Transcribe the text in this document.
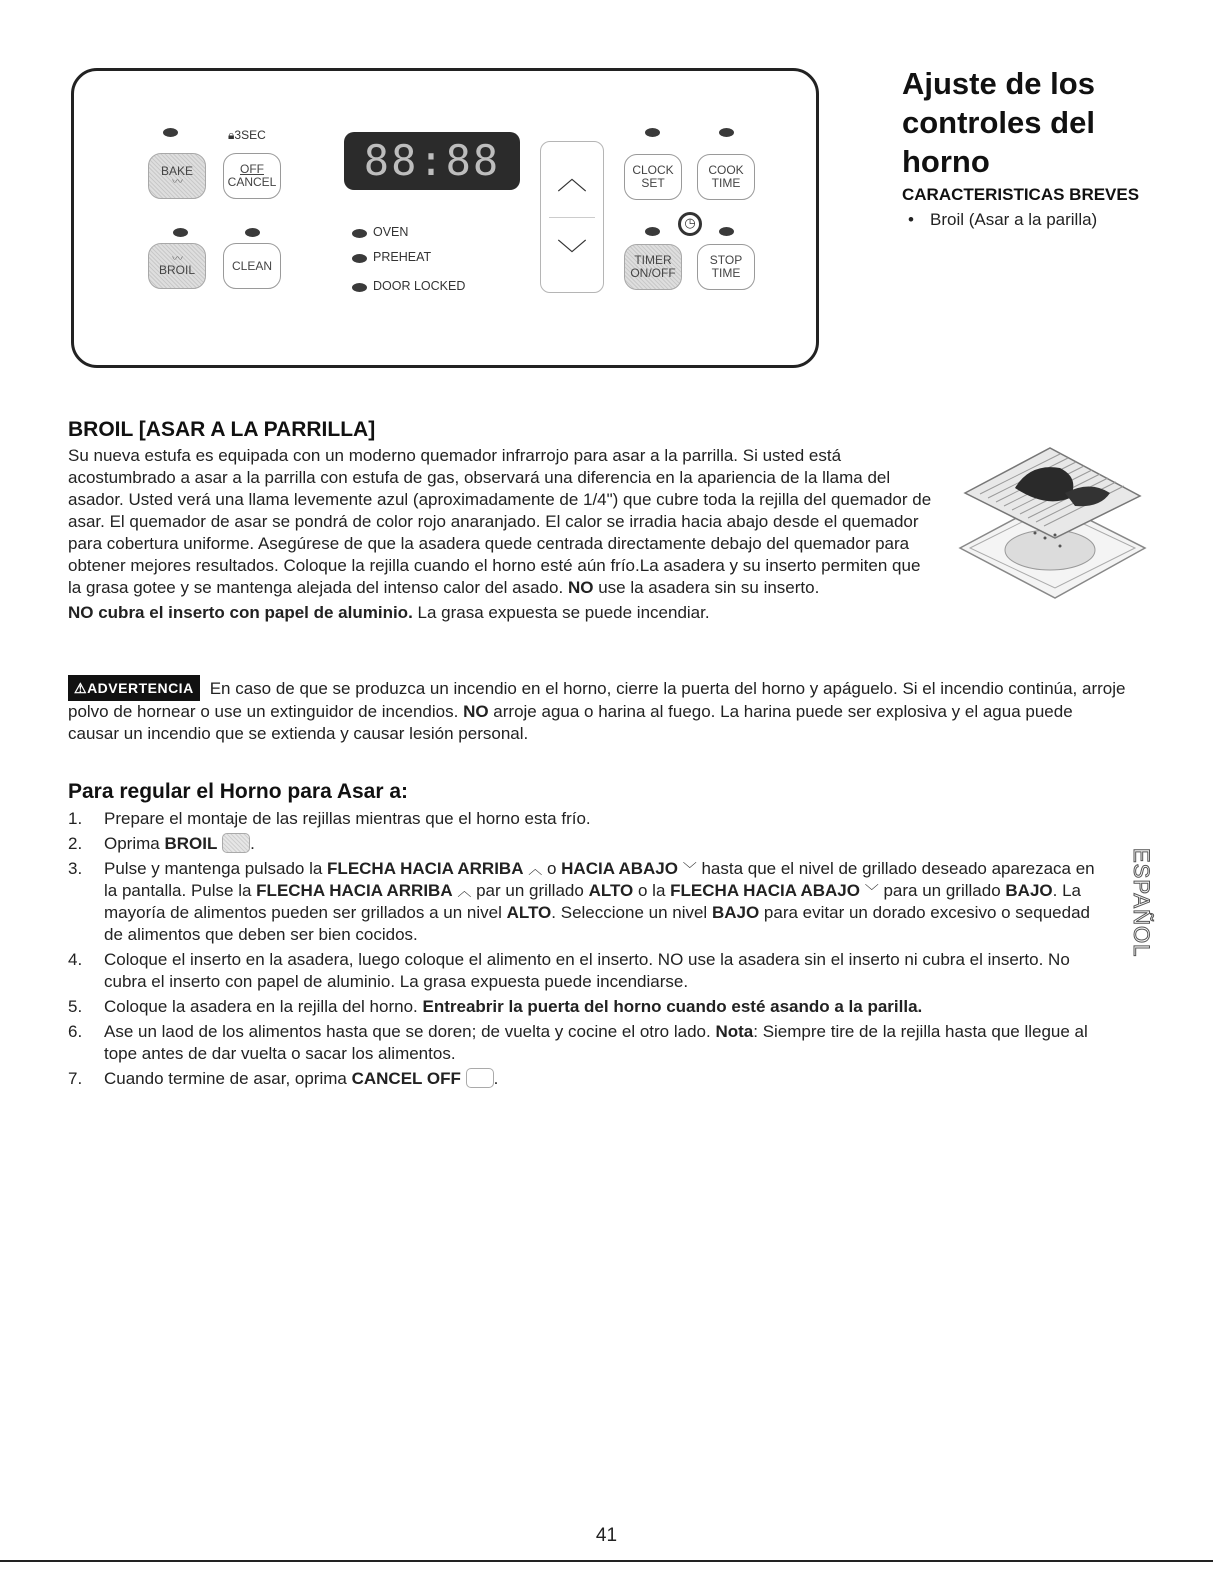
🔒︎3SEC
BAKE
〰
OFF
CANCEL
〰
BROIL	CLEAN
88:88
OVEN
PREHEAT
DOOR LOCKED
︿
﹀
CLOCK
SET
COOK
TIME
◷
TIMER
ON/OFF
STOP
TIME
Ajuste de los
controles del
horno
CARACTERISTICAS BREVES
• Broil (Asar a la parilla)
BROIL [ASAR A LA PARRILLA]
Su nueva estufa es equipada con un moderno quemador infrarrojo para asar a la parrilla. Si usted está acostumbrado a asar a la parrilla con estufa de gas, observará una diferencia en la apariencia de la llama del asador. Usted verá una llama levemente azul (aproximadamente de 1/4") que cubre toda la rejilla del quemador de asar. El quemador de asar se pondrá de color rojo anaranjado. El calor se irradia hacia abajo desde el quemador para cobertura uniforme. Asegúrese de que la asadera quede centrada directamente debajo del quemador para obtener mejores resultados. Coloque la rejilla cuando el horno esté aún frío.La asadera y su inserto permiten que la grasa gotee y se mantenga alejada del intenso calor del asado. NO use la asadera sin su inserto.
NO cubra el inserto con papel de aluminio. La grasa expuesta se puede incendiar.
⚠ADVERTENCIA En caso de que se produzca un incendio en el horno, cierre la puerta del horno y apáguelo. Si el incendio continúa, arroje polvo de hornear o use un extinguidor de incendios. NO arroje agua o harina al fuego. La harina puede ser explosiva y el agua puede causar un incendio que se extienda y causar lesión personal.
Para regular el Horno para Asar a:
1. Prepare el montaje de las rejillas mientras que el horno esta frío.
2. Oprima BROIL .
3. Pulse y mantenga pulsado la FLECHA HACIA ARRIBA ︿ o HACIA ABAJO ﹀ hasta que el nivel de grillado deseado aparezaca en la pantalla. Pulse la FLECHA HACIA ARRIBA ︿ par un grillado ALTO o la FLECHA HACIA ABAJO ﹀ para un grillado BAJO. La mayoría de alimentos pueden ser grillados a un nivel ALTO. Seleccione un nivel BAJO para evitar un dorado excesivo o sequedad de alimentos que deben ser bien cocidos.
4. Coloque el inserto en la asadera, luego coloque el alimento en el inserto. NO use la asadera sin el inserto ni cubra el inserto. No cubra el inserto con papel de aluminio. La grasa expuesta puede incendiarse.
5. Coloque la asadera en la rejilla del horno. Entreabrir la puerta del horno cuando esté asando a la parilla.
6. Ase un laod de los alimentos hasta que se doren; de vuelta y cocine el otro lado. Nota: Siempre tire de la rejilla hasta que llegue al tope antes de dar vuelta o sacar los alimentos.
7. Cuando termine de asar, oprima CANCEL OFF .
ESPAÑOL
41
